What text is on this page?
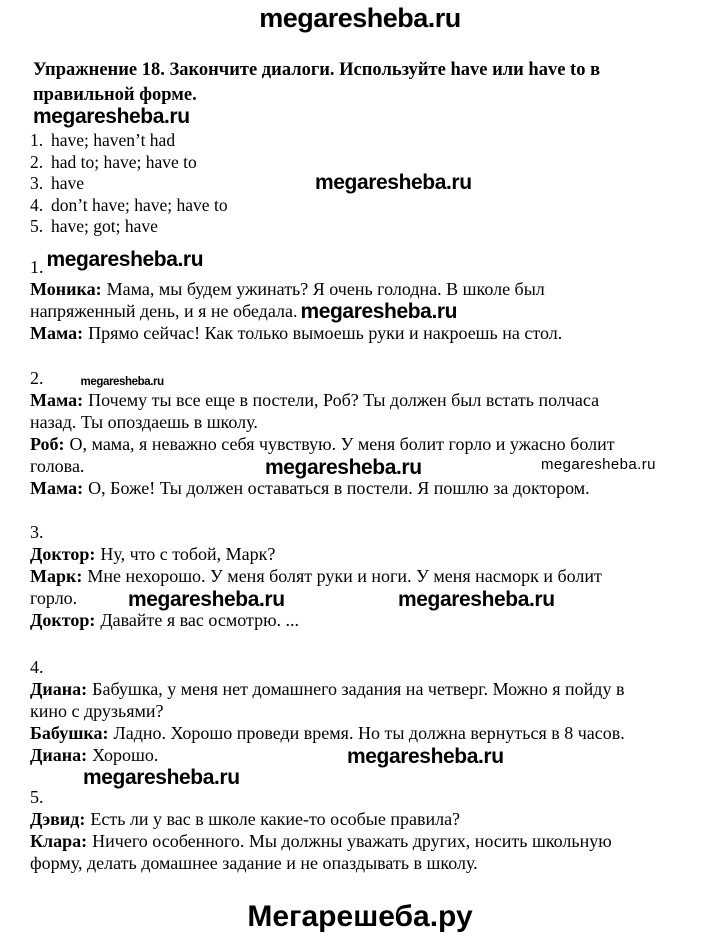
megaresheba.ru
Упражнение 18. Закончите диалоги. Используйте have или have to в
правильной форме.
megaresheba.ru
1. have; haven’t had
2. had to; have; have to
3. have
4. don’t have; have; have to
5. have; got; have
megaresheba.ru
1. megaresheba.ru
Моника: Мама, мы будем ужинать? Я очень голодна. В школе был
напряженный день, и я не обедала. megaresheba.ru
Мама: Прямо сейчас! Как только вымоешь руки и накроешь на стол.
2.	megaresheba.ru
Мама: Почему ты все еще в постели, Роб? Ты должен был встать полчаса
назад. Ты опоздаешь в школу.
Роб: О, мама, я неважно себя чувствую. У меня болит горло и ужасно болит
голова.	megaresheba.ru	megaresheba.ru
Мама: О, Боже! Ты должен оставаться в постели. Я пошлю за доктором.
3.
Доктор: Ну, что с тобой, Марк?
Марк: Мне нехорошо. У меня болят руки и ноги. У меня насморк и болит
горло. megaresheba.ru	megaresheba.ru
Доктор: Давайте я вас осмотрю. ...
4.
Диана: Бабушка, у меня нет домашнего задания на четверг. Можно я пойду в
кино с друзьями?
Бабушка: Ладно. Хорошо проведи время. Но ты должна вернуться в 8 часов.
Диана: Хорошо.	megaresheba.ru
megaresheba.ru
5.
Дэвид: Есть ли у вас в школе какие-то особые правила?
Клара: Ничего особенного. Мы должны уважать других, носить школьную
форму, делать домашнее задание и не опаздывать в школу.
Мегарешеба.ру
